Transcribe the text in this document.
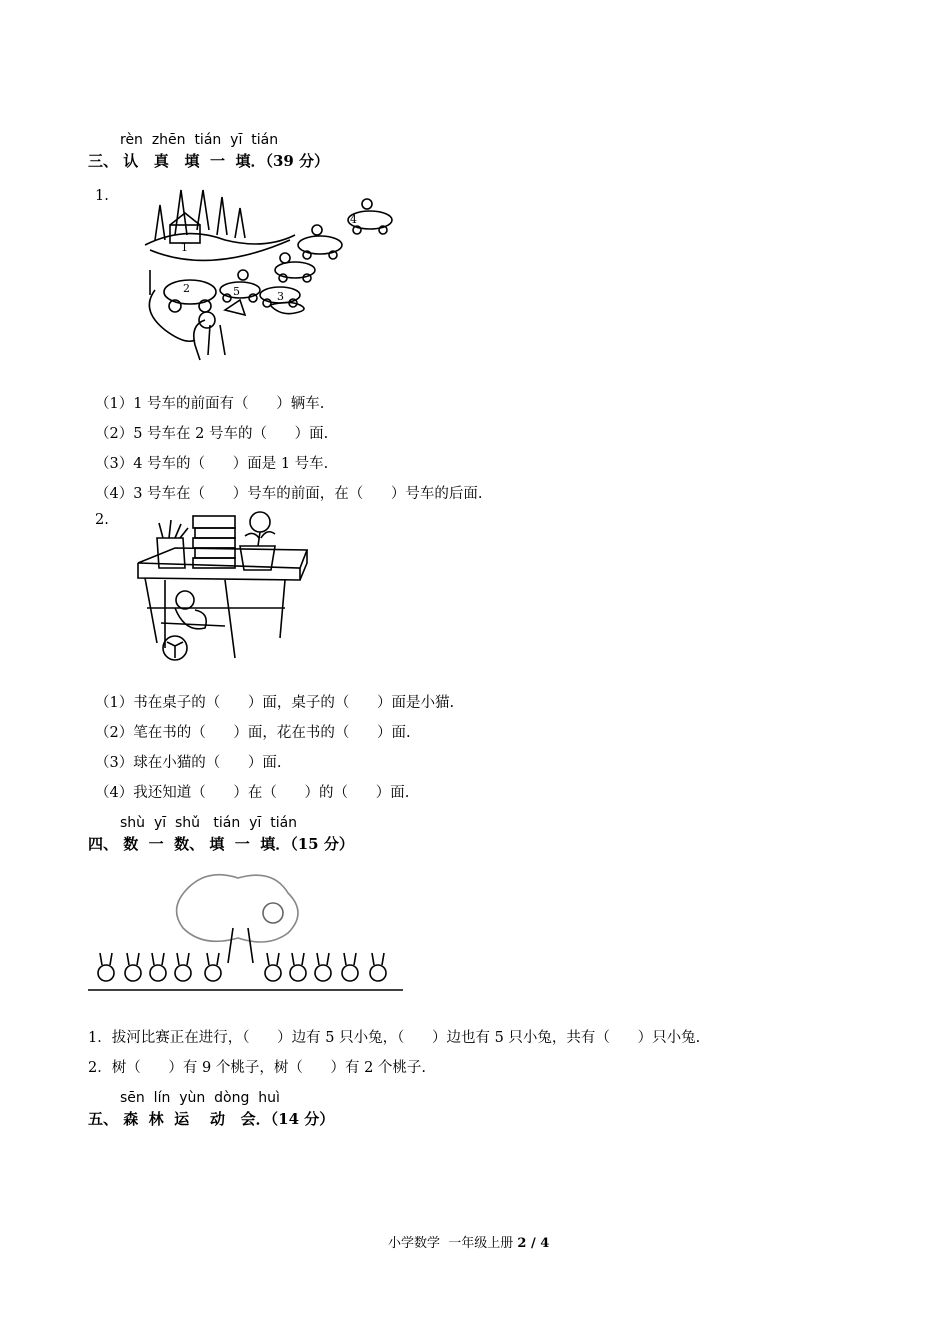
rèn  zhēn  tián  yī  tián
三、 认   真   填  一  填．（39 分）
1.
1
2
3
4
5
（1）1 号车的前面有（      ）辆车.
（2）5 号车在 2 号车的（      ）面.
（3）4 号车的（      ）面是 1 号车.
（4）3 号车在（      ）号车的前面，在（      ）号车的后面.
2.
（1）书在桌子的（      ）面，桌子的（      ）面是小猫.
（2）笔在书的（      ）面，花在书的（      ）面.
（3）球在小猫的（      ）面.
（4）我还知道（      ）在（      ）的（      ）面.
shù  yī  shǔ   tián  yī  tián
四、 数  一  数、 填  一  填．（15 分）
1．拔河比赛正在进行，（      ）边有 5 只小兔，（      ）边也有 5 只小兔，共有（      ）只小兔.
2．树（      ）有 9 个桃子，树（      ）有 2 个桃子.
sēn  lín  yùn  dòng  huì
五、 森  林  运    动   会．（14 分）
小学数学  一年级上册 2 / 4
